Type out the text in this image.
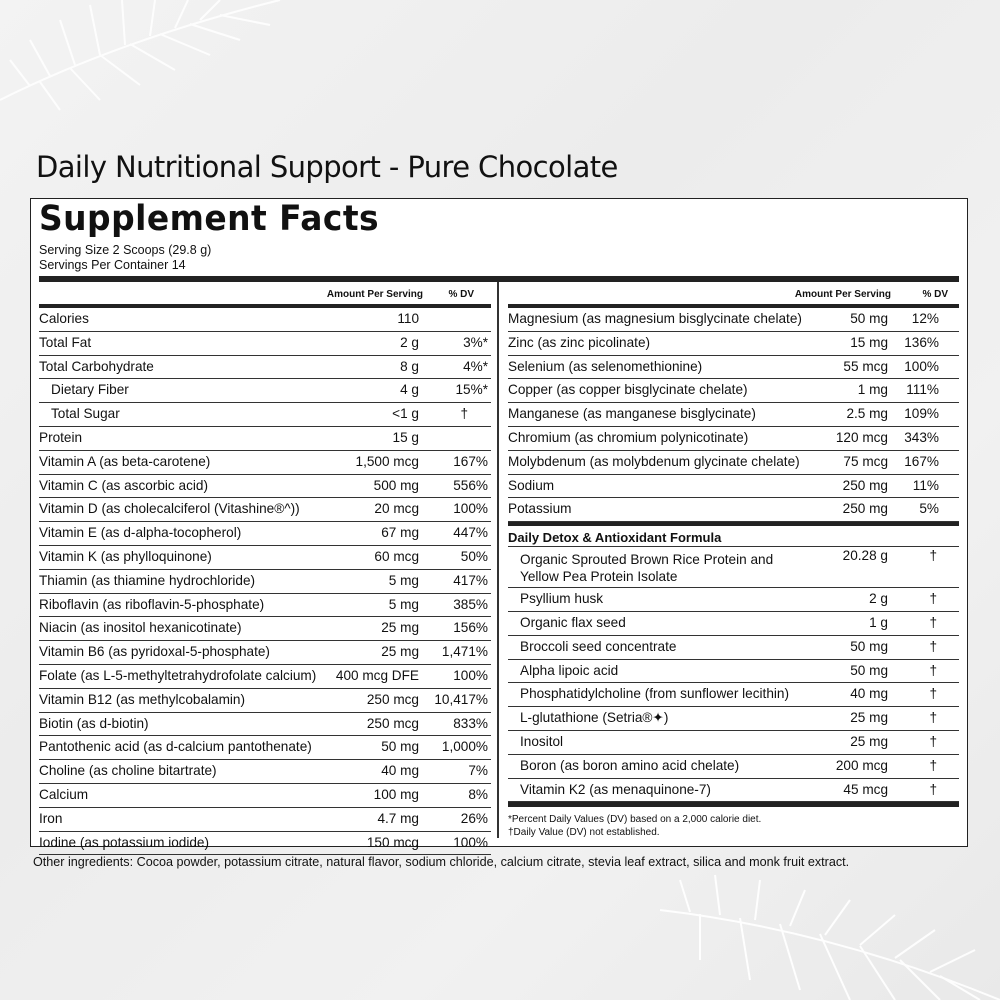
Daily Nutritional Support - Pure Chocolate
Supplement Facts
Serving Size 2 Scoops (29.8 g)
Servings Per Container 14
Amount Per Serving	% DV
Calories	110
Total Fat	2 g	3%*
Total Carbohydrate	8 g	4%*
Dietary Fiber	4 g	15%*
Total Sugar	<1 g	†
Protein	15 g
Vitamin A (as beta-carotene)	1,500 mcg	167%
Vitamin C (as ascorbic acid)	500 mg	556%
Vitamin D (as cholecalciferol (Vitashine®^))	20 mcg	100%
Vitamin E (as d-alpha-tocopherol)	67 mg	447%
Vitamin K (as phylloquinone)	60 mcg	50%
Thiamin (as thiamine hydrochloride)	5 mg	417%
Riboflavin (as riboflavin-5-phosphate)	5 mg	385%
Niacin (as inositol hexanicotinate)	25 mg	156%
Vitamin B6 (as pyridoxal-5-phosphate)	25 mg 1,471%
Folate (as L-5-methyltetrahydrofolate calcium) 400 mcg DFE	100%
Vitamin B12 (as methylcobalamin)	250 mcg 10,417%
Biotin (as d-biotin)	250 mcg	833%
Pantothenic acid (as d-calcium pantothenate)	50 mg 1,000%
Choline (as choline bitartrate)	40 mg	7%
Calcium	100 mg	8%
Iron	4.7 mg	26%
Iodine (as potassium iodide)	150 mcg	100%
Amount Per Serving	% DV
Magnesium (as magnesium bisglycinate chelate)	50 mg 12%
Zinc (as zinc picolinate)	15 mg 136%
Selenium (as selenomethionine)	55 mcg 100%
Copper (as copper bisglycinate chelate)	1 mg 111%
Manganese (as manganese bisglycinate)	2.5 mg 109%
Chromium (as chromium polynicotinate)	120 mcg 343%
Molybdenum (as molybdenum glycinate chelate)	75 mcg 167%
Sodium	250 mg 11%
Potassium	250 mg 5%
Daily Detox & Antioxidant Formula
Organic Sprouted Brown Rice Protein and
Yellow Pea Protein Isolate
20.28 g	†
Psyllium husk	2 g	†
Organic flax seed	1 g	†
Broccoli seed concentrate	50 mg	†
Alpha lipoic acid	50 mg	†
Phosphatidylcholine (from sunflower lecithin)	40 mg	†
L-glutathione (Setria®✦)	25 mg	†
Inositol	25 mg	†
Boron (as boron amino acid chelate)	200 mcg	†
Vitamin K2 (as menaquinone-7)	45 mcg	†
*Percent Daily Values (DV) based on a 2,000 calorie diet.
†Daily Value (DV) not established.
Other ingredients: Cocoa powder, potassium citrate, natural flavor, sodium chloride, calcium citrate, stevia leaf extract, silica and monk fruit extract.
